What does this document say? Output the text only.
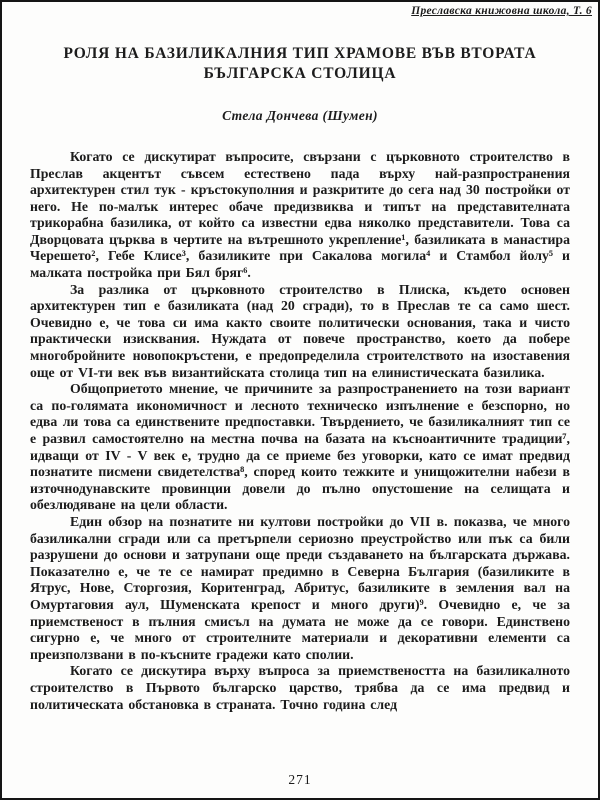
Преславска книжовна школа, Т. 6
РОЛЯ НА БАЗИЛИКАЛНИЯ ТИП ХРАМОВЕ ВЪВ ВТОРАТА БЪЛГАРСКА СТОЛИЦА
Стела Дончева (Шумен)

Когато се дискутират въпросите, свързани с църковното строителство в Преслав акцентът съвсем естествено пада върху най-разпространения архитектурен стил тук - кръстокуполния и разкритите до сега над 30 постройки от него. Не по-малък интерес обаче предизвиква и типът на представителната трикорабна базилика, от който са известни едва няколко представители. Това са Дворцовата църква в чертите на вътрешното укрепление¹, базиликата в манастира Черешето², Гебе Клисе³, базиликите при Сакалова могила⁴ и Стамбол йолу⁵ и малката постройка при Бял бряг⁶.

За разлика от църковното строителство в Плиска, където основен архитектурен тип е базиликата (над 20 сгради), то в Преслав те са само шест. Очевидно е, че това си има както своите политически основания, така и чисто практически изисквания. Нуждата от повече пространство, което да побере многобройните новопокръстени, е предопределила строителството на изоставения още от VI-ти век във византийската столица тип на елинистическата базилика.

Общоприетото мнение, че причините за разпространението на този вариант са по-голямата икономичност и лесното техническо изпълнение е безспорно, но едва ли това са единствените предпоставки. Твърдението, че базиликалният тип се е развил самостоятелно на местна почва на базата на късноантичните традиции⁷, идващи от IV - V век е, трудно да се приеме без уговорки, като се имат предвид познатите писмени свидетелства⁸, според които тежките и унищожителни набези в източнодунавските провинции довели до пълно опустошение на селищата и обезлюдяване на цели области.

Един обзор на познатите ни култови постройки до VII в. показва, че много базиликални сгради или са претърпели сериозно преустройство или пък са били разрушени до основи и затрупани още преди създаването на българската държава. Показателно е, че те се намират предимно в Северна България (базиликите в Ятрус, Нове, Сторгозия, Коритенград, Абритус, базиликите в земления вал на Омуртаговия аул, Шуменската крепост и много други)⁹. Очевидно е, че за приемственост в пълния смисъл на думата не може да се говори. Единствено сигурно е, че много от строителните материали и декоративни елементи са преизползвани в по-късните градежи като сполии.

Когато се дискутира върху въпроса за приемствеността на базиликалното строителство в Първото българско царство, трябва да се има предвид и политическата обстановка в страната. Точно година след

271
